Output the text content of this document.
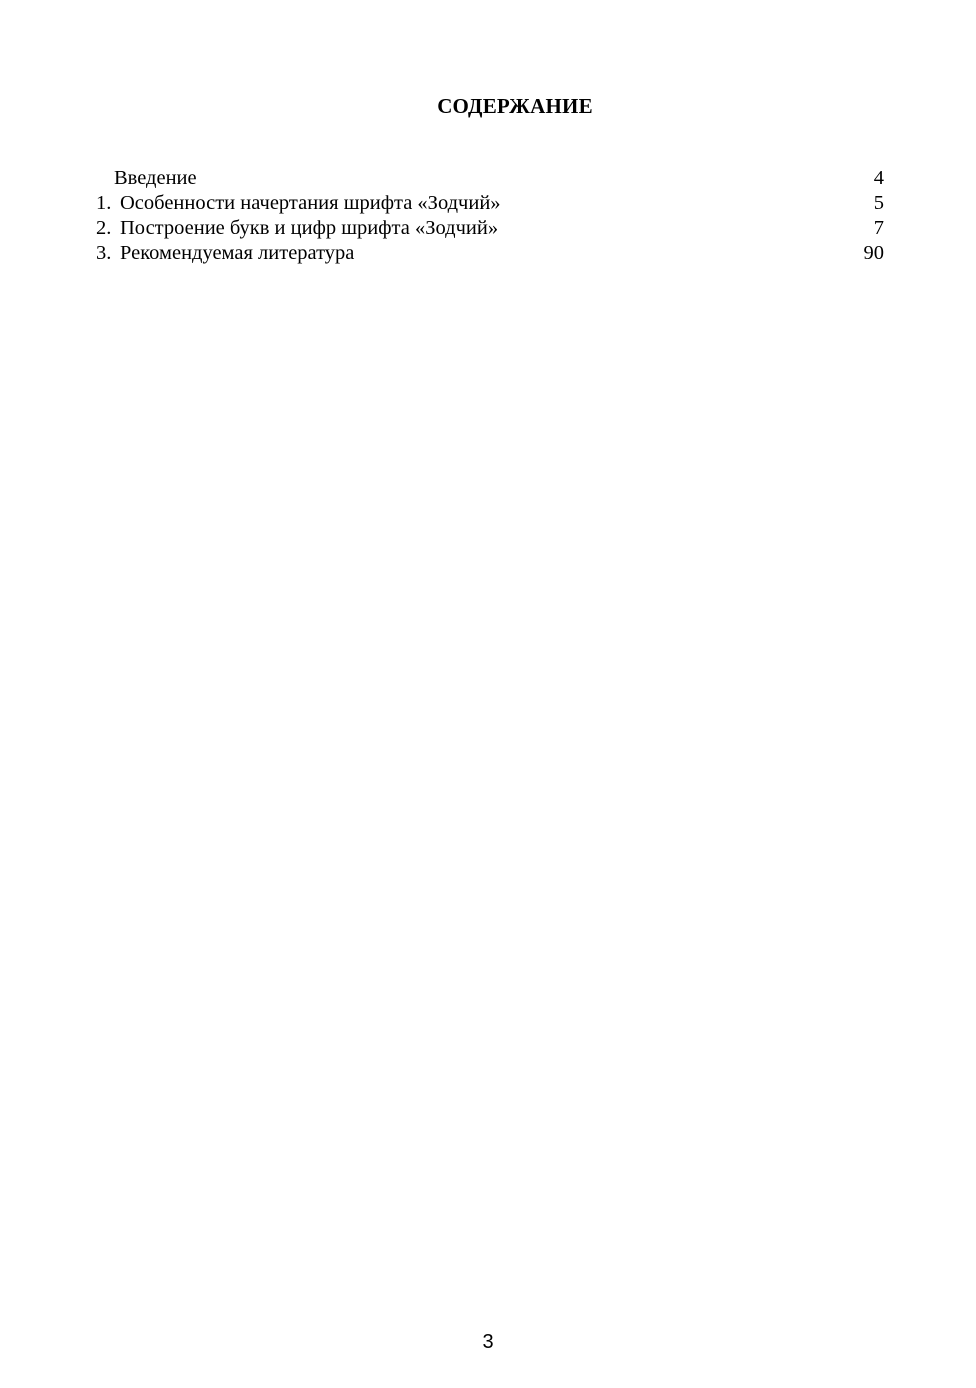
СОДЕРЖАНИЕ
Введение	4
1. Особенности начертания шрифта «Зодчий»	5
2. Построение букв и цифр шрифта «Зодчий»	7
3. Рекомендуемая литература	90
3
